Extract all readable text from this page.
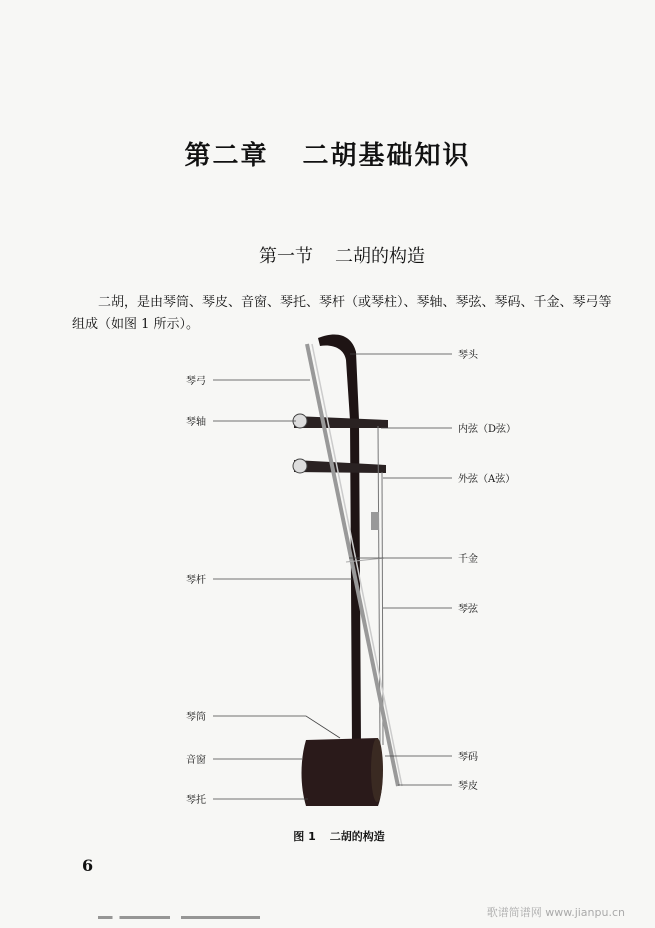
第二章 二胡基础知识
第一节 二胡的构造

二胡，是由琴筒、琴皮、音窗、琴托、琴杆（或琴柱）、琴轴、琴弦、琴码、千金、琴弓等组成（如图 1 所示）。

琴头
琴弓
琴轴
内弦（D弦）
外弦（A弦）
千金
琴杆
琴弦
琴筒
音窗	琴码
琴托
琴皮
图 1 二胡的构造
6
歌谱简谱网 www.jianpu.cn
